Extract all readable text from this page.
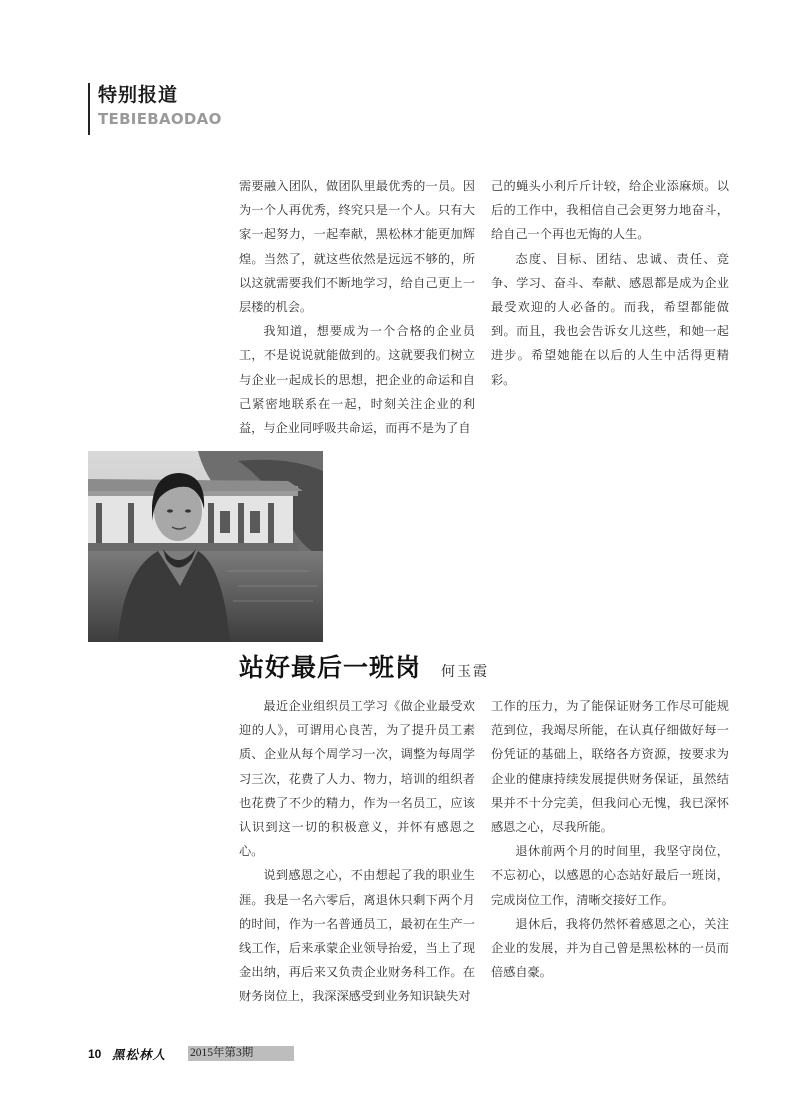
特别报道
TEBIEBAODAO

需要融入团队，做团队里最优秀的一员。因为一个人再优秀，终究只是一个人。只有大家一起努力，一起奉献，黑松林才能更加辉煌。当然了，就这些依然是远远不够的，所以这就需要我们不断地学习，给自己更上一层楼的机会。

我知道，想要成为一个合格的企业员工，不是说说就能做到的。这就要我们树立与企业一起成长的思想，把企业的命运和自己紧密地联系在一起，时刻关注企业的利益，与企业同呼吸共命运，而再不是为了自

己的蝇头小利斤斤计较，给企业添麻烦。以后的工作中，我相信自己会更努力地奋斗，给自己一个再也无悔的人生。

态度、目标、团结、忠诚、责任、竞争、学习、奋斗、奉献、感恩都是成为企业最受欢迎的人必备的。而我，希望都能做到。而且，我也会告诉女儿这些，和她一起进步。希望她能在以后的人生中活得更精彩。

站好最后一班岗 何玉霞

最近企业组织员工学习《做企业最受欢迎的人》，可谓用心良苦，为了提升员工素质、企业从每个周学习一次，调整为每周学习三次，花费了人力、物力，培训的组织者也花费了不少的精力，作为一名员工，应该认识到这一切的积极意义，并怀有感恩之心。

说到感恩之心，不由想起了我的职业生涯。我是一名六零后，离退休只剩下两个月的时间，作为一名普通员工，最初在生产一线工作，后来承蒙企业领导抬爱，当上了现金出纳，再后来又负责企业财务科工作。在财务岗位上，我深深感受到业务知识缺失对

工作的压力，为了能保证财务工作尽可能规范到位，我竭尽所能，在认真仔细做好每一份凭证的基础上，联络各方资源，按要求为企业的健康持续发展提供财务保证，虽然结果并不十分完美，但我问心无愧，我已深怀感恩之心，尽我所能。

退休前两个月的时间里，我坚守岗位，不忘初心，以感恩的心态站好最后一班岗，完成岗位工作，清晰交接好工作。

退休后，我将仍然怀着感恩之心，关注企业的发展，并为自己曾是黑松林的一员而倍感自豪。

10 黑松林人	2015年第3期
